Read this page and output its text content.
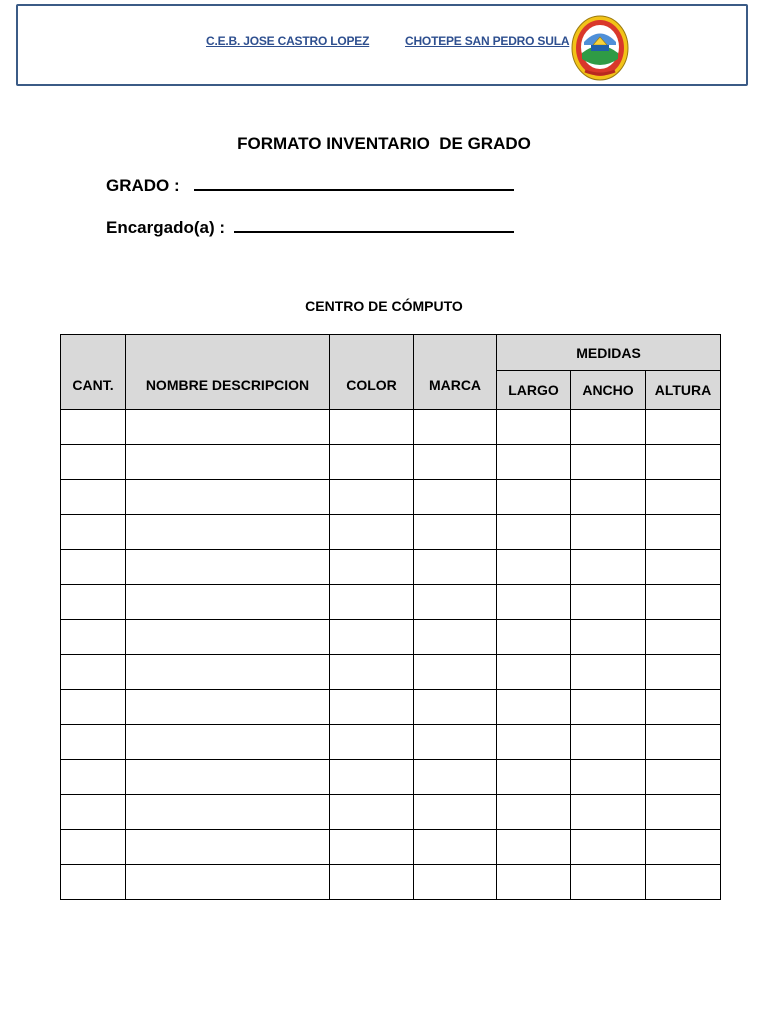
C.E.B. JOSE CASTRO LOPEZ	CHOTEPE SAN PEDRO SULA
FORMATO INVENTARIO  DE GRADO
GRADO :
Encargado(a) :
CENTRO DE CÓMPUTO
CANT.	NOMBRE DESCRIPCION	COLOR	MARCA	MEDIDAS		
				LARGO	ANCHO	ALTURA
